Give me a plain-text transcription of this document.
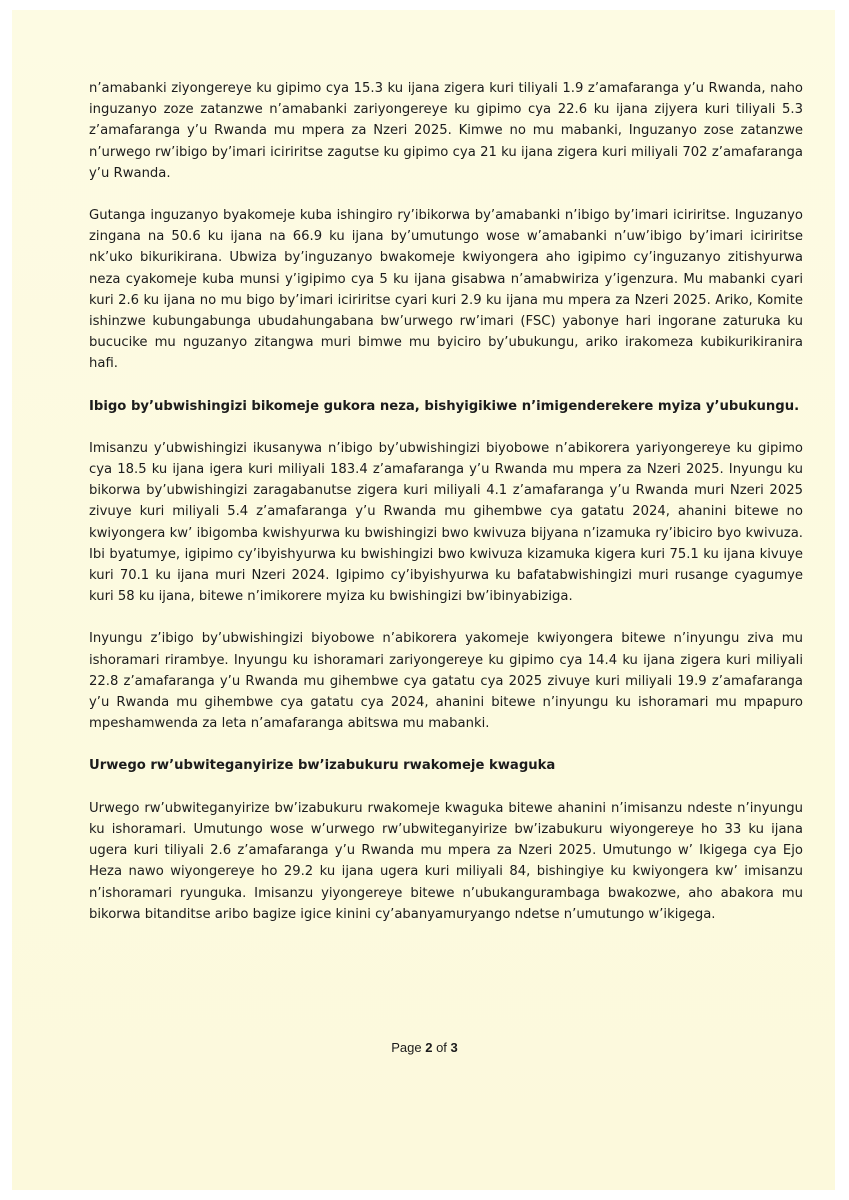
n’amabanki ziyongereye ku gipimo cya 15.3 ku ijana zigera kuri tiliyali 1.9 z’amafaranga y’u Rwanda, naho inguzanyo zoze zatanzwe n’amabanki zariyongereye ku gipimo cya 22.6 ku ijana zijyera kuri tiliyali 5.3 z’amafaranga y’u Rwanda mu mpera za Nzeri 2025. Kimwe no mu mabanki, Inguzanyo zose zatanzwe n’urwego rw’ibigo by’imari iciriritse zagutse ku gipimo cya 21 ku ijana zigera kuri miliyali 702 z’amafaranga y’u Rwanda.

Gutanga inguzanyo byakomeje kuba ishingiro ry’ibikorwa by’amabanki n’ibigo by’imari iciriritse. Inguzanyo zingana na 50.6 ku ijana na 66.9 ku ijana by’umutungo wose w’amabanki n’uw’ibigo by’imari iciriritse nk’uko bikurikirana. Ubwiza by’inguzanyo bwakomeje kwiyongera aho igipimo cy’inguzanyo zitishyurwa neza cyakomeje kuba munsi y’igipimo cya 5 ku ijana gisabwa n’amabwiriza y’igenzura. Mu mabanki cyari kuri 2.6 ku ijana no mu bigo by’imari iciriritse cyari kuri 2.9 ku ijana mu mpera za Nzeri 2025. Ariko, Komite ishinzwe kubungabunga ubudahungabana bw’urwego rw’imari (FSC) yabonye hari ingorane zaturuka ku bucucike mu nguzanyo zitangwa muri bimwe mu byiciro by’ubukungu, ariko irakomeza kubikurikiranira hafi.

Ibigo by’ubwishingizi bikomeje gukora neza, bishyigikiwe n’imigenderekere myiza y’ubukungu.

Imisanzu y’ubwishingizi ikusanywa n’ibigo by’ubwishingizi biyobowe n’abikorera yariyongereye ku gipimo cya 18.5 ku ijana igera kuri miliyali 183.4 z’amafaranga y’u Rwanda mu mpera za Nzeri 2025. Inyungu ku bikorwa by’ubwishingizi zaragabanutse zigera kuri miliyali 4.1 z’amafaranga y’u Rwanda muri Nzeri 2025 zivuye kuri miliyali 5.4 z’amafaranga y’u Rwanda mu gihembwe cya gatatu 2024, ahanini bitewe no kwiyongera kw’ ibigomba kwishyurwa ku bwishingizi bwo kwivuza bijyana n’izamuka ry’ibiciro byo kwivuza. Ibi byatumye, igipimo cy’ibyishyurwa ku bwishingizi bwo kwivuza kizamuka kigera kuri 75.1 ku ijana kivuye kuri 70.1 ku ijana muri Nzeri 2024. Igipimo cy’ibyishyurwa ku bafatabwishingizi muri rusange cyagumye kuri 58 ku ijana, bitewe n’imikorere myiza ku bwishingizi bw’ibinyabiziga.

Inyungu z’ibigo by’ubwishingizi biyobowe n’abikorera yakomeje kwiyongera bitewe n’inyungu ziva mu ishoramari rirambye. Inyungu ku ishoramari zariyongereye ku gipimo cya 14.4 ku ijana zigera kuri miliyali 22.8 z’amafaranga y’u Rwanda mu gihembwe cya gatatu cya 2025 zivuye kuri miliyali 19.9 z’amafaranga y’u Rwanda mu gihembwe cya gatatu cya 2024, ahanini bitewe n’inyungu ku ishoramari mu mpapuro mpeshamwenda za leta n’amafaranga abitswa mu mabanki.

Urwego rw’ubwiteganyirize bw’izabukuru rwakomeje kwaguka

Urwego rw’ubwiteganyirize bw’izabukuru rwakomeje kwaguka bitewe ahanini n’imisanzu ndeste n’inyungu ku ishoramari. Umutungo wose w’urwego rw’ubwiteganyirize bw’izabukuru wiyongereye ho 33 ku ijana ugera kuri tiliyali 2.6 z’amafaranga y’u Rwanda mu mpera za Nzeri 2025. Umutungo w’ Ikigega cya Ejo Heza nawo wiyongereye ho 29.2 ku ijana ugera kuri miliyali 84, bishingiye ku kwiyongera kw’ imisanzu n’ishoramari ryunguka. Imisanzu yiyongereye bitewe n’ubukangurambaga bwakozwe, aho abakora mu bikorwa bitanditse aribo bagize igice kinini cy’abanyamuryango ndetse n’umutungo w’ikigega.

Page 2 of 3
